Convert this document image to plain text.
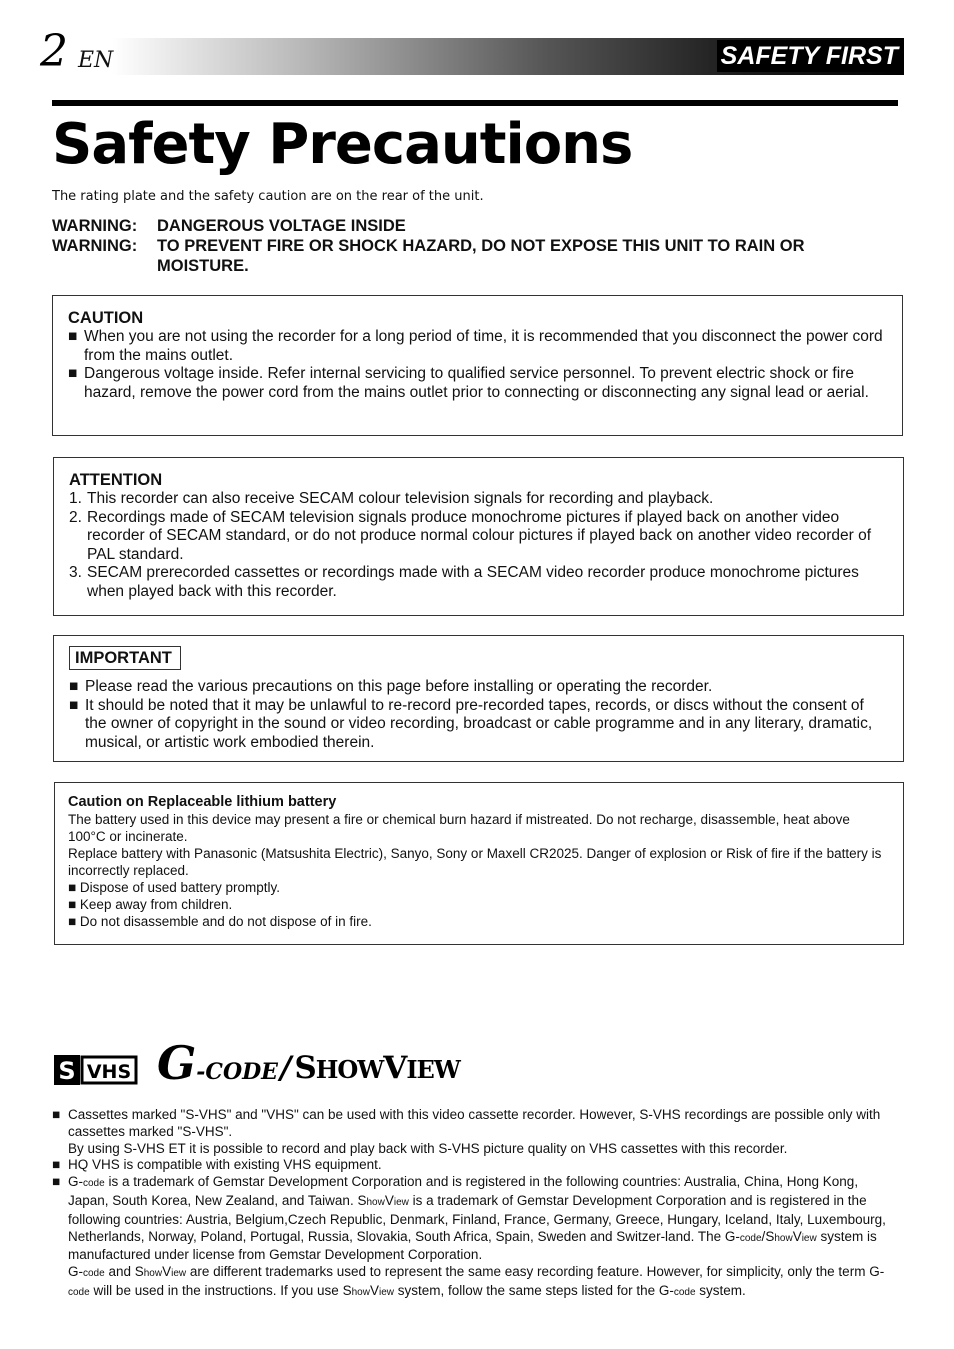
2 EN	SAFETY FIRST
Safety Precautions
The rating plate and the safety caution are on the rear of the unit.
WARNING:	DANGEROUS VOLTAGE INSIDE
WARNING:	TO PREVENT FIRE OR SHOCK HAZARD, DO NOT EXPOSE THIS UNIT TO RAIN OR MOISTURE.
CAUTION
■ When you are not using the recorder for a long period of time, it is recommended that you disconnect the power cord from the mains outlet.
■ Dangerous voltage inside. Refer internal servicing to qualified service personnel. To prevent electric shock or fire hazard, remove the power cord from the mains outlet prior to connecting or disconnecting any signal lead or aerial.
ATTENTION
1. This recorder can also receive SECAM colour television signals for recording and playback.
2. Recordings made of SECAM television signals produce monochrome pictures if played back on another video recorder of SECAM standard, or do not produce normal colour pictures if played back on another video recorder of PAL standard.
3. SECAM prerecorded cassettes or recordings made with a SECAM video recorder produce monochrome pictures when played back with this recorder.
IMPORTANT
■ Please read the various precautions on this page before installing or operating the recorder.
■ It should be noted that it may be unlawful to re-record pre-recorded tapes, records, or discs without the consent of the owner of copyright in the sound or video recording, broadcast or cable programme and in any literary, dramatic, musical, or artistic work embodied therein.
Caution on Replaceable lithium battery
The battery used in this device may present a fire or chemical burn hazard if mistreated. Do not recharge, disassemble, heat above 100°C or incinerate.
Replace battery with Panasonic (Matsushita Electric), Sanyo, Sony or Maxell CR2025. Danger of explosion or Risk of fire if the battery is incorrectly replaced.
■ Dispose of used battery promptly.
■ Keep away from children.
■ Do not disassemble and do not dispose of in fire.
S VHS G-CODE / SHOWVIEW
■ Cassettes marked "S-VHS" and "VHS" can be used with this video cassette recorder. However, S-VHS recordings are possible only with cassettes marked "S-VHS".
By using S-VHS ET it is possible to record and play back with S-VHS picture quality on VHS cassettes with this recorder.
■ HQ VHS is compatible with existing VHS equipment.
■ G-code is a trademark of Gemstar Development Corporation and is registered in the following countries: Australia, China, Hong Kong, Japan, South Korea, New Zealand, and Taiwan. ShowView is a trademark of Gemstar Development Corporation and is registered in the following countries: Austria, Belgium,Czech Republic, Denmark, Finland, France, Germany, Greece, Hungary, Iceland, Italy, Luxembourg, Netherlands, Norway, Poland, Portugal, Russia, Slovakia, South Africa, Spain, Sweden and Switzer-land. The G-code/ShowView system is manufactured under license from Gemstar Development Corporation.
G-code and ShowView are different trademarks used to represent the same easy recording feature. However, for simplicity, only the term G-code will be used in the instructions. If you use ShowView system, follow the same steps listed for the G-code system.
